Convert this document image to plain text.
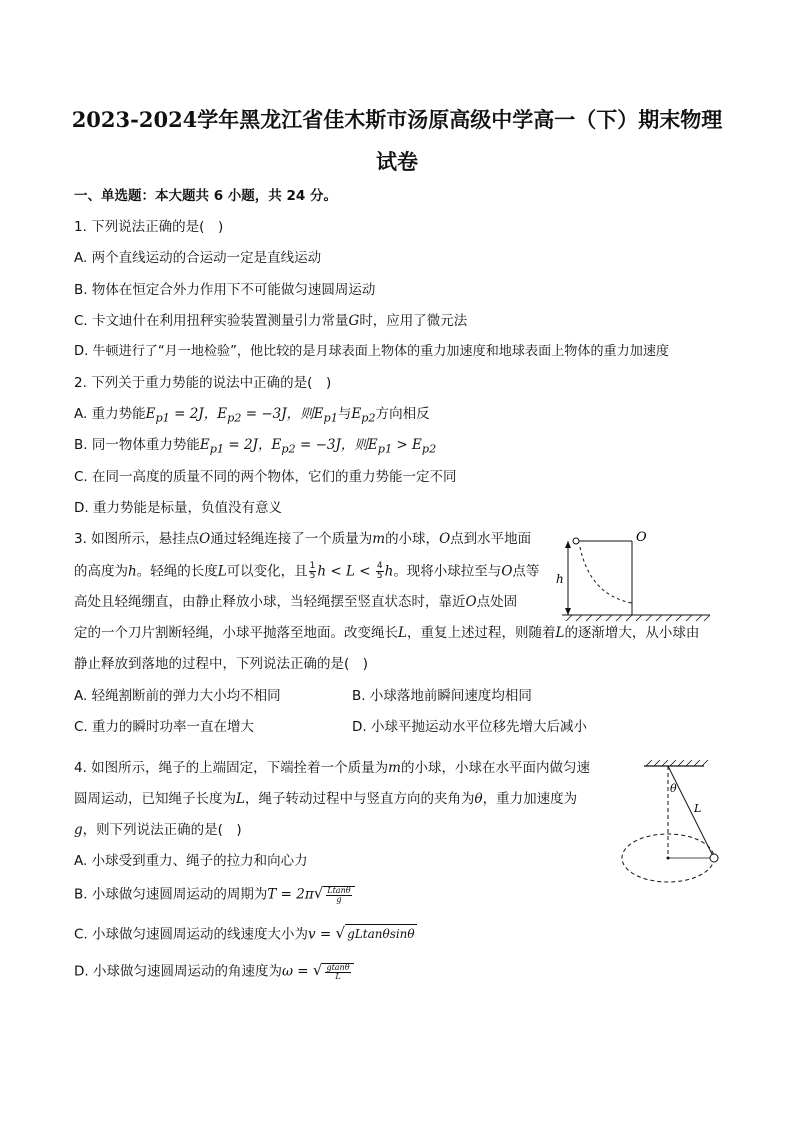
2023-2024学年黑龙江省佳木斯市汤原高级中学高一（下）期末物理
试卷
一、单选题：本大题共 6 小题，共 24 分。
1. 下列说法正确的是(　)
A. 两个直线运动的合运动一定是直线运动
B. 物体在恒定合外力作用下不可能做匀速圆周运动
C. 卡文迪什在利用扭秤实验装置测量引力常量G时，应用了微元法
D. 牛顿进行了“月一地检验”，他比较的是月球表面上物体的重力加速度和地球表面上物体的重力加速度
2. 下列关于重力势能的说法中正确的是(　)
A. 重力势能$E_{p1} = 2J$，$E_{p2} = -3J$，则$E_{p1}$与$E_{p2}$方向相反
B. 同一物体重力势能$E_{p1} = 2J$，$E_{p2} = -3J$，则$E_{p1} > E_{p2}$
C. 在同一高度的质量不同的两个物体，它们的重力势能一定不同
D. 重力势能是标量，负值没有意义
3. 如图所示，悬挂点O通过轻绳连接了一个质量为m的小球，O点到水平地面
的高度为h。轻绳的长度L可以变化，且 $\frac{1}{5}$ $h < L < \frac{4}{5}$ h。现将小球拉至与O点等
高处且轻绳绷直，由静止释放小球，当轻绳摆至竖直状态时，靠近O点处固
定的一个刀片割断轻绳，小球平抛落至地面。改变绳长L，重复上述过程，则随着L的逐渐增大，从小球由
静止释放到落地的过程中，下列说法正确的是(　)
A. 轻绳割断前的弹力大小均不相同	B. 小球落地前瞬间速度均相同
C. 重力的瞬时功率一直在增大	D. 小球平抛运动水平位移先增大后减小
O
h
4. 如图所示，绳子的上端固定，下端拴着一个质量为m的小球，小球在水平面内做匀速
圆周运动，已知绳子长度为L，绳子转动过程中与竖直方向的夹角为θ，重力加速度为
g，则下列说法正确的是(　)
A. 小球受到重力、绳子的拉力和向心力
B. 小球做匀速圆周运动的周期为$T = 2\pi√ \frac{Ltan\theta}{g}$
C. 小球做匀速圆周运动的线速度大小为v = √ gLtanθsinθ
D. 小球做匀速圆周运动的角速度为ω = √ $\frac{gtan\theta}{L}$
θ
L
